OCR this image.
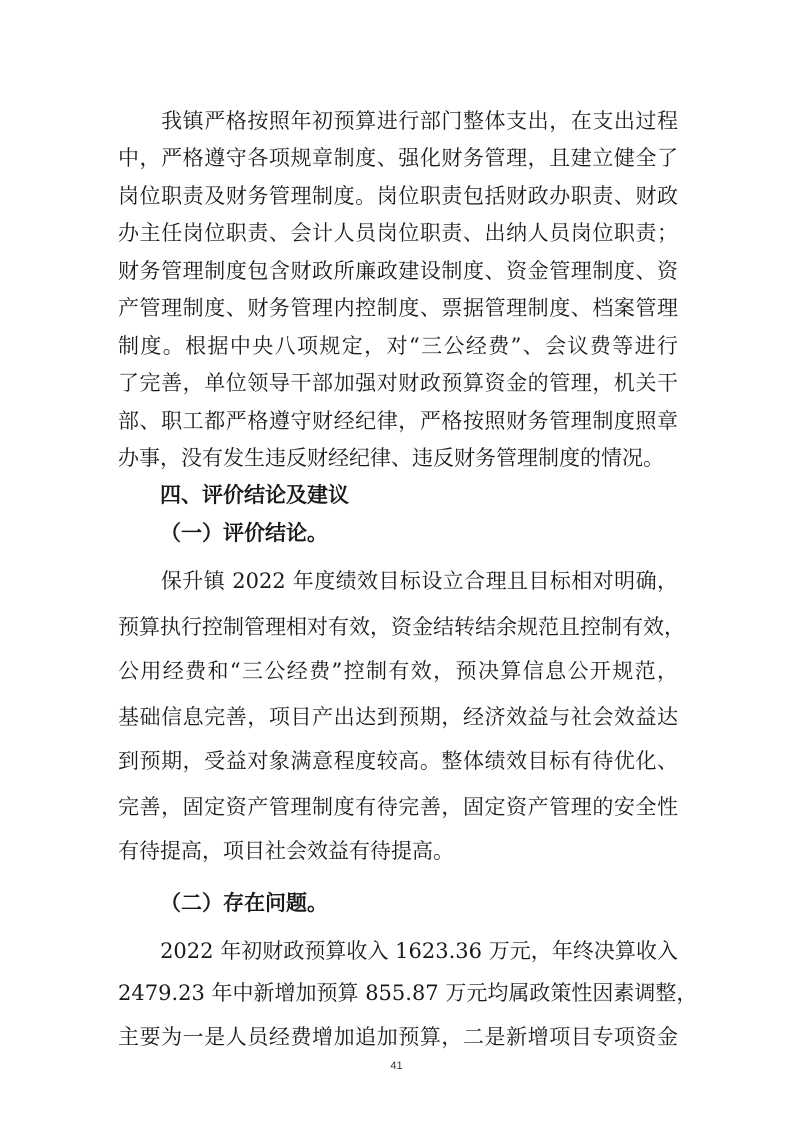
　　我镇严格按照年初预算进行部门整体支出，在支出过程
中，严格遵守各项规章制度、强化财务管理，且建立健全了
岗位职责及财务管理制度。岗位职责包括财政办职责、财政
办主任岗位职责、会计人员岗位职责、出纳人员岗位职责；
财务管理制度包含财政所廉政建设制度、资金管理制度、资
产管理制度、财务管理内控制度、票据管理制度、档案管理
制度。根据中央八项规定，对“三公经费”、会议费等进行
了完善，单位领导干部加强对财政预算资金的管理，机关干
部、职工都严格遵守财经纪律，严格按照财务管理制度照章
办事，没有发生违反财经纪律、违反财务管理制度的情况。
四、评价结论及建议
（一）评价结论。
　　保升镇 2022 年度绩效目标设立合理且目标相对明确，
预算执行控制管理相对有效，资金结转结余规范且控制有效，
公用经费和“三公经费”控制有效，预决算信息公开规范，
基础信息完善，项目产出达到预期，经济效益与社会效益达
到预期，受益对象满意程度较高。整体绩效目标有待优化、
完善，固定资产管理制度有待完善，固定资产管理的安全性
有待提高，项目社会效益有待提高。
（二）存在问题。
　　2022 年初财政预算收入 1623.36 万元，年终决算收入
2479.23 年中新增加预算 855.87 万元均属政策性因素调整，
主要为一是人员经费增加追加预算，二是新增项目专项资金
41
